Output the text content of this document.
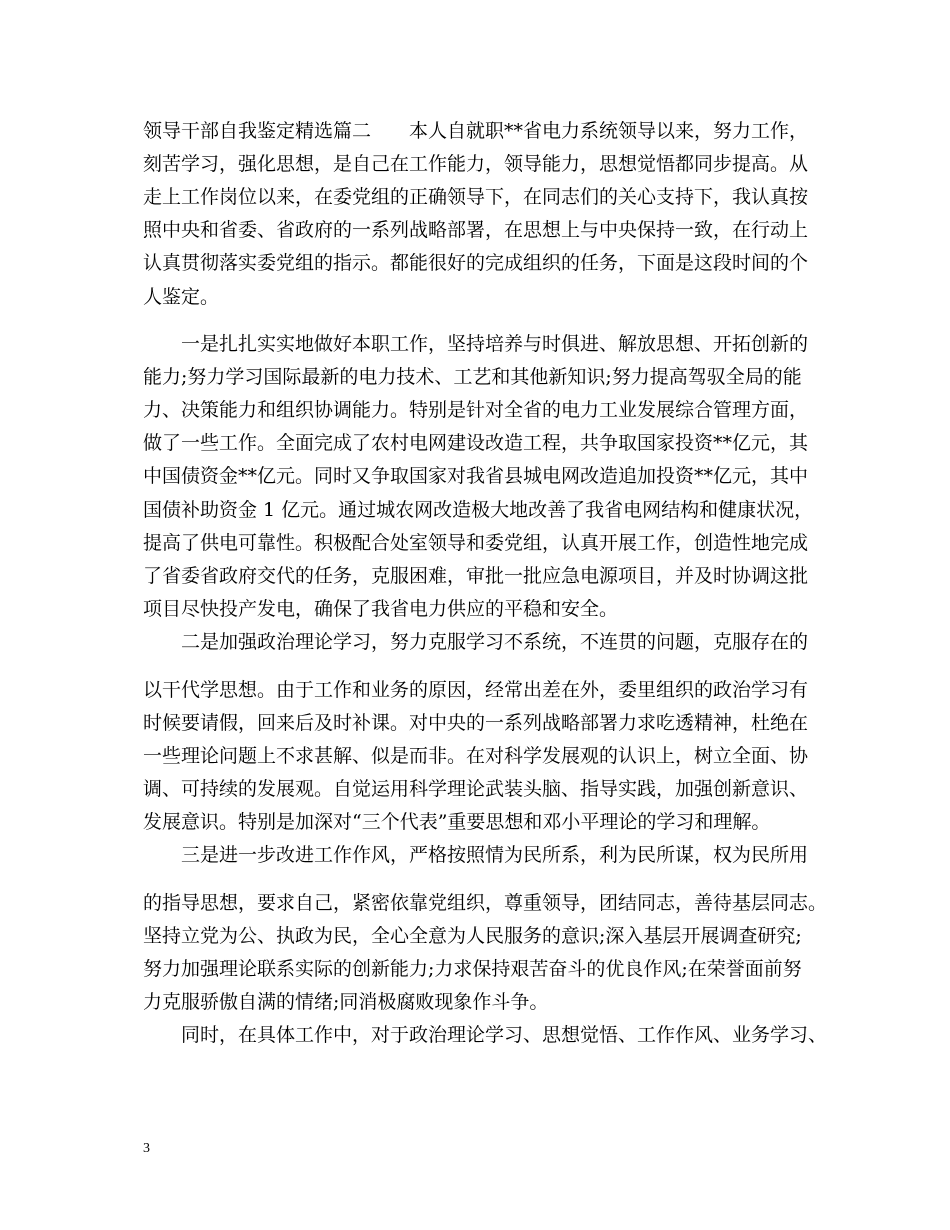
领导干部自我鉴定精选篇二　　本人自就职**省电力系统领导以来，努力工作，
刻苦学习，强化思想，是自己在工作能力，领导能力，思想觉悟都同步提高。从
走上工作岗位以来，在委党组的正确领导下，在同志们的关心支持下，我认真按
照中央和省委、省政府的一系列战略部署，在思想上与中央保持一致，在行动上
认真贯彻落实委党组的指示。都能很好的完成组织的任务，下面是这段时间的个
人鉴定。
　　一是扎扎实实地做好本职工作，坚持培养与时俱进、解放思想、开拓创新的
能力;努力学习国际最新的电力技术、工艺和其他新知识;努力提高驾驭全局的能
力、决策能力和组织协调能力。特别是针对全省的电力工业发展综合管理方面，
做了一些工作。全面完成了农村电网建设改造工程，共争取国家投资**亿元，其
中国债资金**亿元。同时又争取国家对我省县城电网改造追加投资**亿元，其中
国债补助资金 1 亿元。通过城农网改造极大地改善了我省电网结构和健康状况，
提高了供电可靠性。积极配合处室领导和委党组，认真开展工作，创造性地完成
了省委省政府交代的任务，克服困难，审批一批应急电源项目，并及时协调这批
项目尽快投产发电，确保了我省电力供应的平稳和安全。
　　二是加强政治理论学习，努力克服学习不系统，不连贯的问题，克服存在的
以干代学思想。由于工作和业务的原因，经常出差在外，委里组织的政治学习有
时候要请假，回来后及时补课。对中央的一系列战略部署力求吃透精神，杜绝在
一些理论问题上不求甚解、似是而非。在对科学发展观的认识上，树立全面、协
调、可持续的发展观。自觉运用科学理论武装头脑、指导实践，加强创新意识、
发展意识。特别是加深对“三个代表”重要思想和邓小平理论的学习和理解。
　　三是进一步改进工作作风，严格按照情为民所系，利为民所谋，权为民所用
的指导思想，要求自己，紧密依靠党组织，尊重领导，团结同志，善待基层同志。
坚持立党为公、执政为民，全心全意为人民服务的意识;深入基层开展调查研究;
努力加强理论联系实际的创新能力;力求保持艰苦奋斗的优良作风;在荣誉面前努
力克服骄傲自满的情绪;同消极腐败现象作斗争。
　　同时，在具体工作中，对于政治理论学习、思想觉悟、工作作风、业务学习、
3
